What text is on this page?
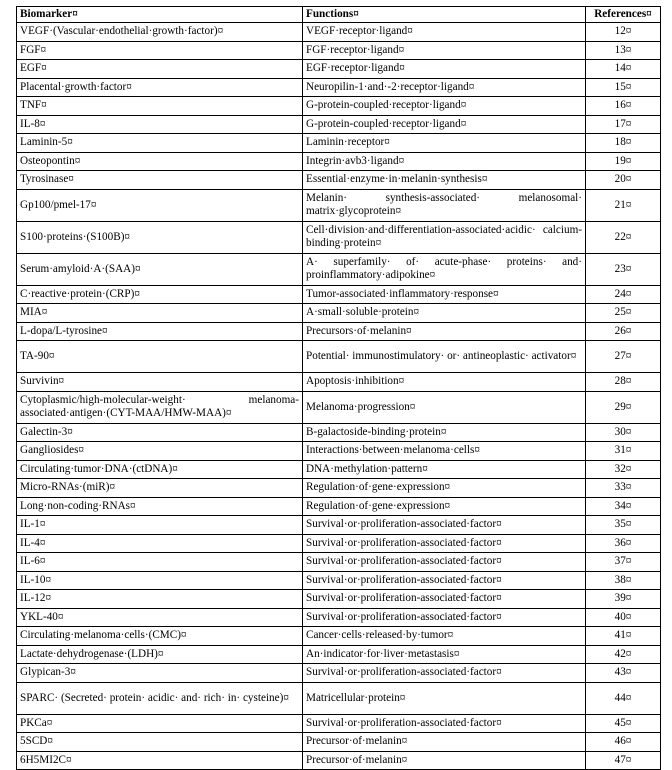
Biomarker¤	Functions¤	References¤
VEGF·(Vascular·endothelial·growth·factor)¤	VEGF·receptor·ligand¤	12¤
FGF¤	FGF·receptor·ligand¤	13¤
EGF¤	EGF·receptor·ligand¤	14¤
Placental·growth·factor¤	Neuropilin-1·and·-2·receptor·ligand¤	15¤
TNF¤	G-protein-coupled·receptor·ligand¤	16¤
IL-8¤	G-protein-coupled·receptor·ligand¤	17¤
Laminin-5¤	Laminin·receptor¤	18¤
Osteopontin¤	Integrin·avb3·ligand¤	19¤
Tyrosinase¤	Essential·enzyme·in·melanin·synthesis¤	20¤
Gp100/pmel-17¤	Melanin· synthesis-associated· melanosomal· matrix·glycoprotein¤	21¤
S100·proteins·(S100B)¤	Cell·division·and·differentiation-associated·acidic· calcium-binding·protein¤	22¤
Serum·amyloid·A·(SAA)¤	A· superfamily· of· acute-phase· proteins· and· proinflammatory·adipokine¤	23¤
C·reactive·protein·(CRP)¤	Tumor-associated·inflammatory·response¤	24¤
MIA¤	A·small·soluble·protein¤	25¤
L-dopa/L-tyrosine¤	Precursors·of·melanin¤	26¤
TA-90¤	Potential· immunostimulatory· or· antineoplastic· activator¤	27¤
Survivin¤	Apoptosis·inhibition¤	28¤
Cytoplasmic/high-molecular-weight· melanoma-associated·antigen·(CYT-MAA/HMW-MAA)¤	Melanoma·progression¤	29¤
Galectin-3¤	B-galactoside-binding·protein¤	30¤
Gangliosides¤	Interactions·between·melanoma·cells¤	31¤
Circulating·tumor·DNA·(ctDNA)¤	DNA·methylation·pattern¤	32¤
Micro-RNAs·(miR)¤	Regulation·of·gene·expression¤	33¤
Long·non-coding·RNAs¤	Regulation·of·gene·expression¤	34¤
IL-1¤	Survival·or·proliferation-associated·factor¤	35¤
IL-4¤	Survival·or·proliferation-associated·factor¤	36¤
IL-6¤	Survival·or·proliferation-associated·factor¤	37¤
IL-10¤	Survival·or·proliferation-associated·factor¤	38¤
IL-12¤	Survival·or·proliferation-associated·factor¤	39¤
YKL-40¤	Survival·or·proliferation-associated·factor¤	40¤
Circulating·melanoma·cells·(CMC)¤	Cancer·cells·released·by·tumor¤	41¤
Lactate·dehydrogenase·(LDH)¤	An·indicator·for·liver·metastasis¤	42¤
Glypican-3¤	Survival·or·proliferation-associated·factor¤	43¤
SPARC· (Secreted· protein· acidic· and· rich· in· cysteine)¤	Matricellular·protein¤	44¤
PKCa¤	Survival·or·proliferation-associated·factor¤	45¤
5SCD¤	Precursor·of·melanin¤	46¤
6H5MI2C¤	Precursor·of·melanin¤	47¤
